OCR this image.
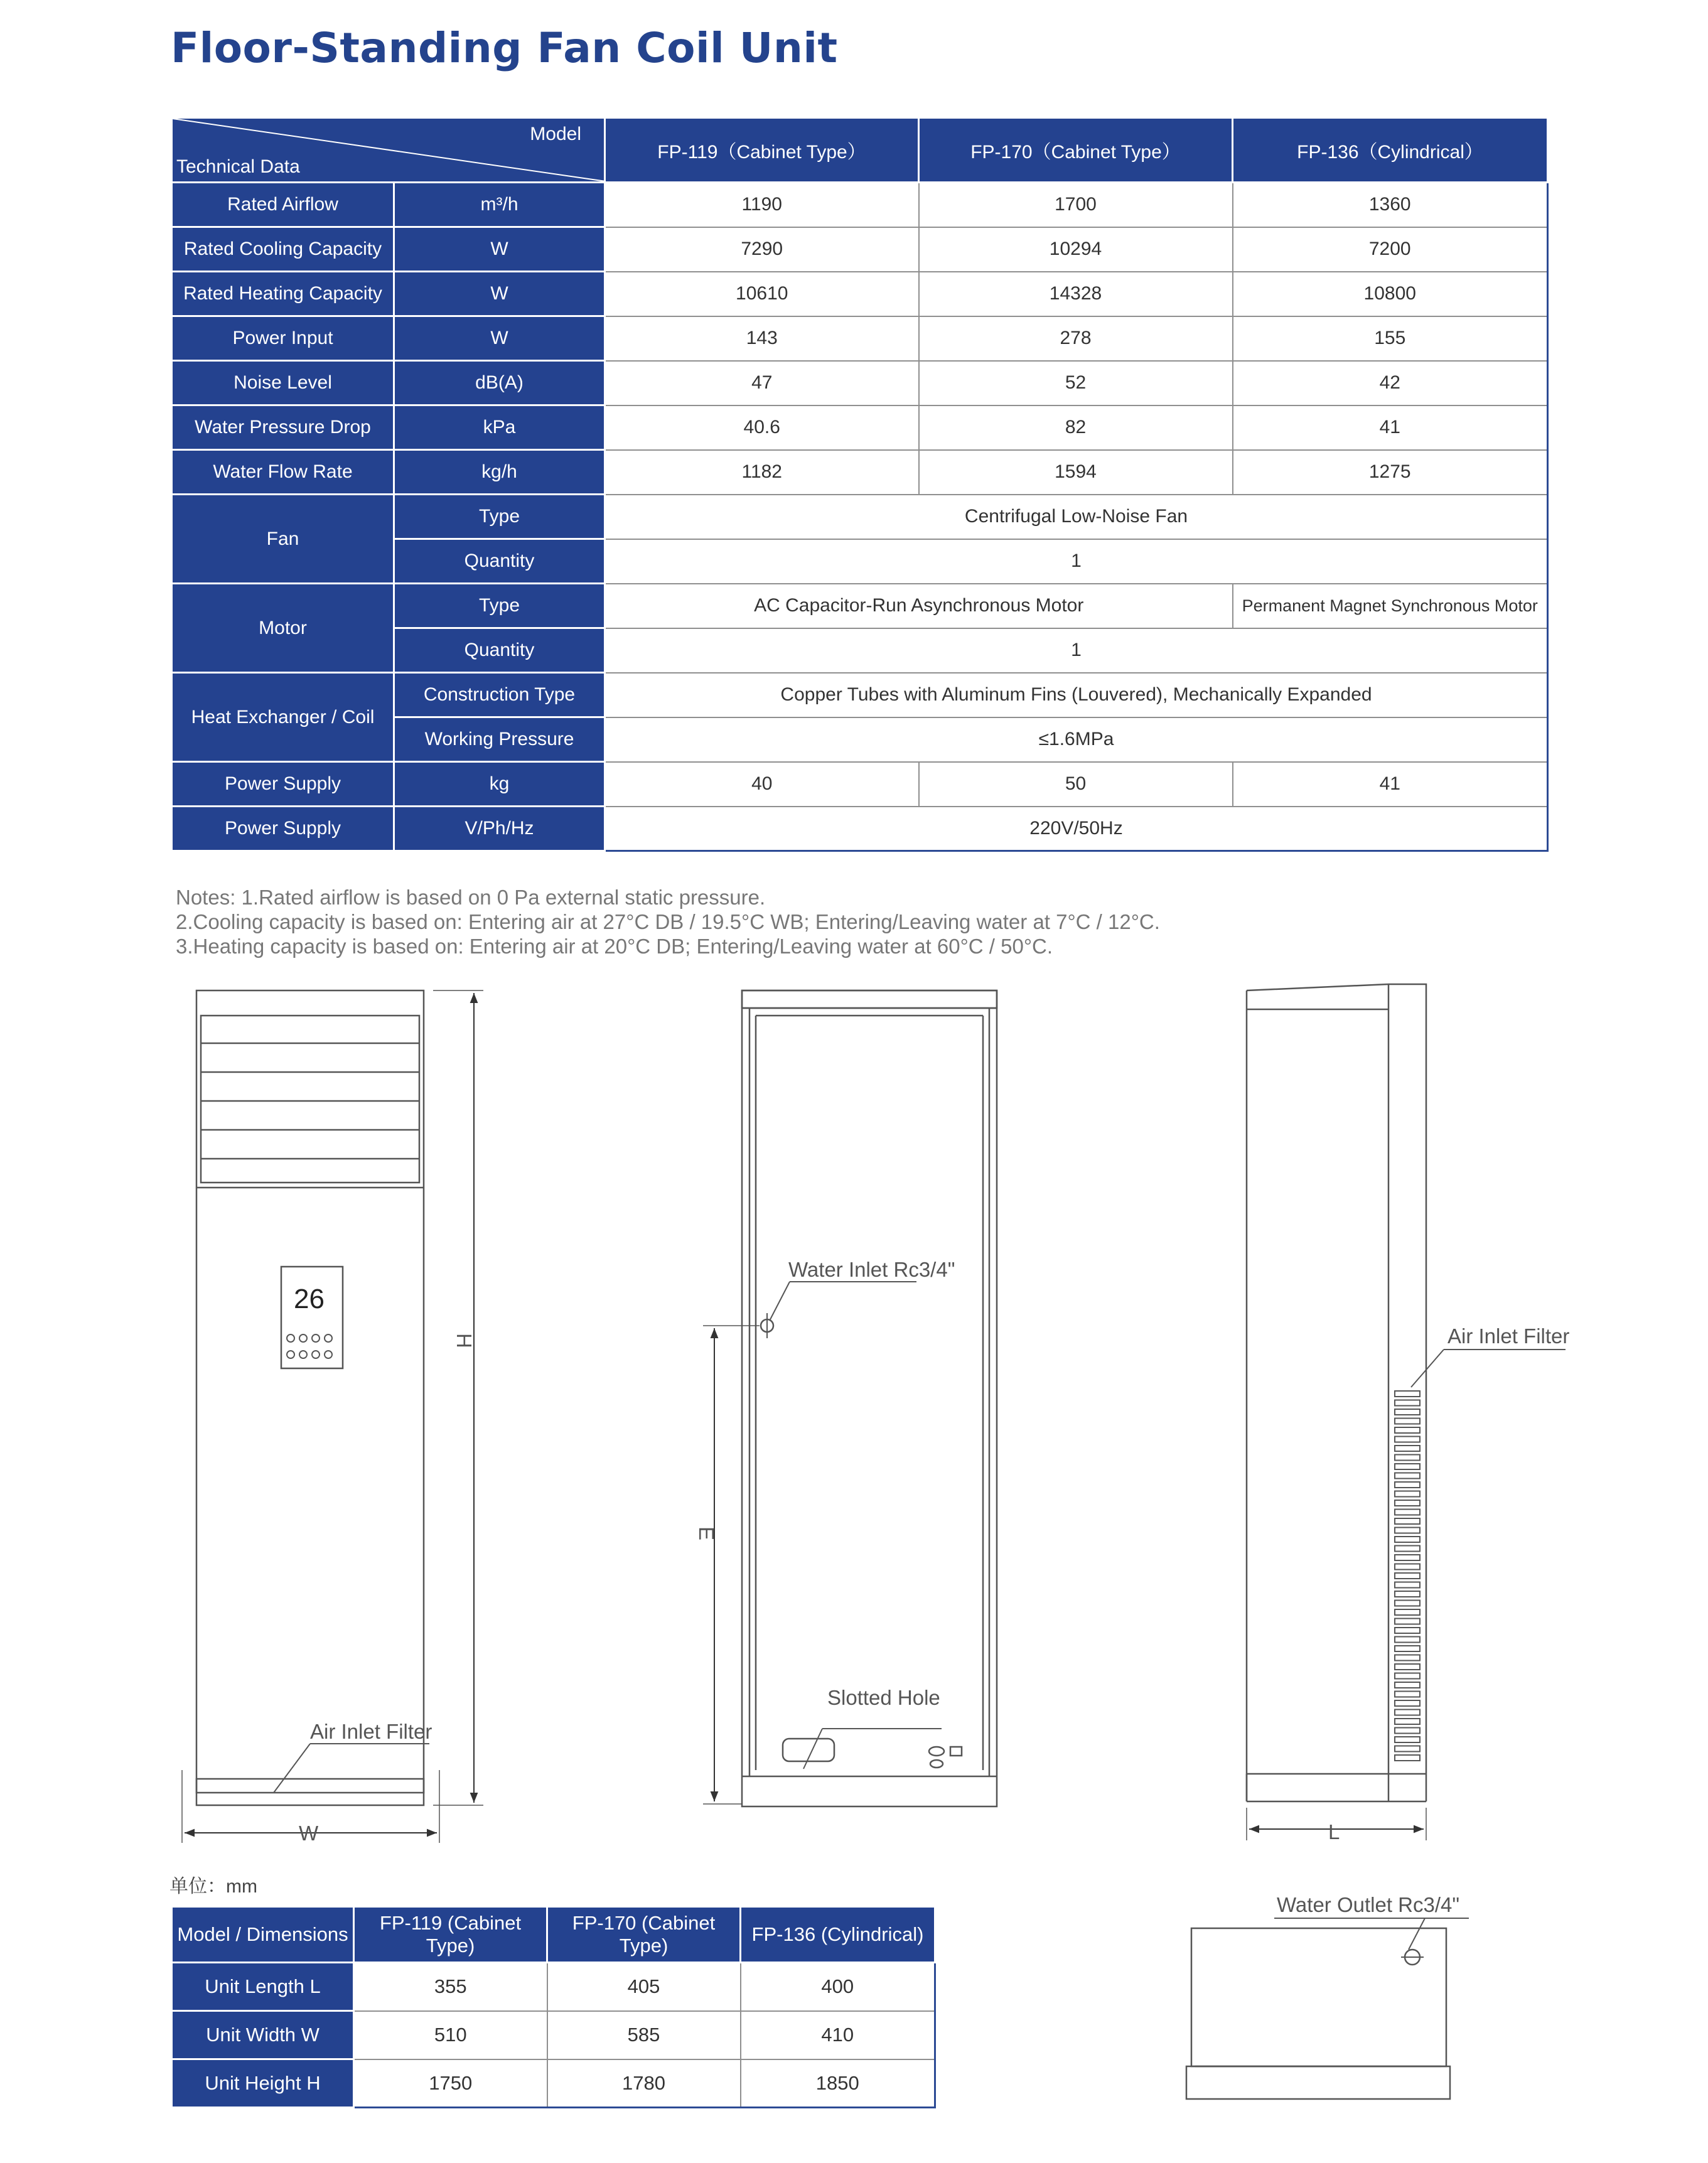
Floor-Standing Fan Coil Unit
Model
Technical Data		FP-119（Cabinet Type）	FP-170（Cabinet Type）	FP-136（Cylindrical）
Rated Airflow	m³/h	1190	1700	1360
Rated Cooling Capacity	W	7290	10294	7200
Rated Heating Capacity	W	10610	14328	10800
Power Input	W	143	278	155
Noise Level	dB(A)	47	52	42
Water Pressure Drop	kPa	40.6	82	41
Water Flow Rate	kg/h	1182	1594	1275
Fan	Type	Centrifugal Low-Noise Fan		
	Quantity	1		
Motor	Type	AC Capacitor-Run Asynchronous Motor		Permanent Magnet Synchronous Motor
	Quantity	1		
Heat Exchanger / Coil	Construction Type	Copper Tubes with Aluminum Fins (Louvered), Mechanically Expanded		
	Working Pressure	≤1.6MPa		
Power Supply	kg	40	50	41
Power Supply	V/Ph/Hz	220V/50Hz		
Notes: 1.Rated airflow is based on 0 Pa external static pressure.
2.Cooling capacity is based on: Entering air at 27°C DB / 19.5°C WB; Entering/Leaving water at 7°C / 12°C.
3.Heating capacity is based on: Entering air at 20°C DB; Entering/Leaving water at 60°C / 50°C.
26
Air Inlet Filter
H
W
Water Inlet Rc3/4"
E
Slotted Hole
Air Inlet Filter
L
Water Outlet Rc3/4"
单位：mm
Model / Dimensions	FP-119 (Cabinet Type)	FP-170 (Cabinet Type)	FP-136 (Cylindrical)
Unit Length L	355	405	400
Unit Width W	510	585	410
Unit Height H	1750	1780	1850
